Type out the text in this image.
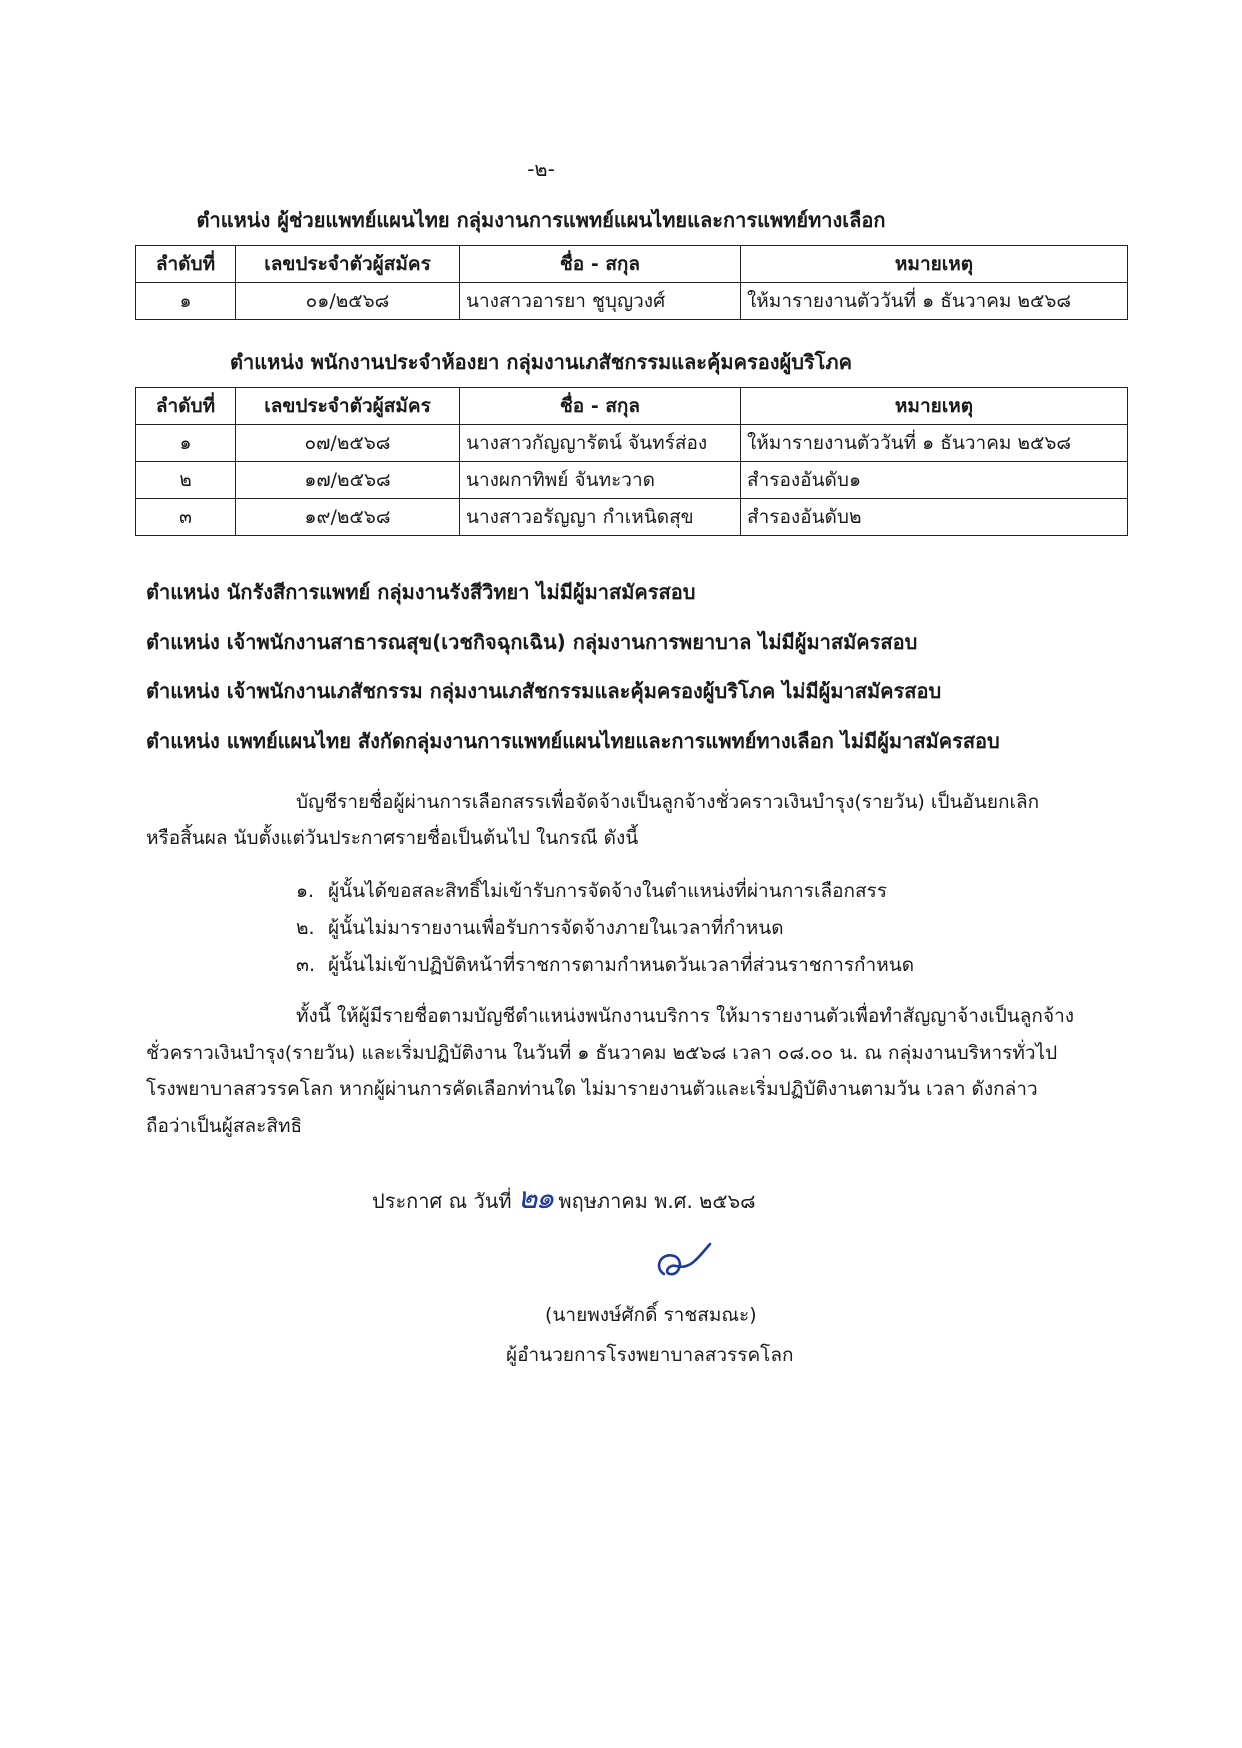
-๒-
ตำแหน่ง ผู้ช่วยแพทย์แผนไทย กลุ่มงานการแพทย์แผนไทยและการแพทย์ทางเลือก
ลำดับที่	เลขประจำตัวผู้สมัคร	ชื่อ - สกุล	หมายเหตุ
๑	๐๑/๒๕๖๘	นางสาวอารยา ชูบุญวงศ์	ให้มารายงานตัววันที่ ๑ ธันวาคม ๒๕๖๘
ตำแหน่ง พนักงานประจำห้องยา กลุ่มงานเภสัชกรรมและคุ้มครองผู้บริโภค
ลำดับที่	เลขประจำตัวผู้สมัคร	ชื่อ - สกุล	หมายเหตุ
๑	๐๗/๒๕๖๘	นางสาวกัญญารัตน์ จันทร์ส่อง	ให้มารายงานตัววันที่ ๑ ธันวาคม ๒๕๖๘
๒	๑๗/๒๕๖๘	นางผกาทิพย์ จันทะวาด	สำรองอันดับ๑
๓	๑๙/๒๕๖๘	นางสาวอรัญญา กำเหนิดสุข	สำรองอันดับ๒
ตำแหน่ง นักรังสีการแพทย์ กลุ่มงานรังสีวิทยา ไม่มีผู้มาสมัครสอบ
ตำแหน่ง เจ้าพนักงานสาธารณสุข(เวชกิจฉุกเฉิน) กลุ่มงานการพยาบาล ไม่มีผู้มาสมัครสอบ
ตำแหน่ง เจ้าพนักงานเภสัชกรรม กลุ่มงานเภสัชกรรมและคุ้มครองผู้บริโภค ไม่มีผู้มาสมัครสอบ
ตำแหน่ง แพทย์แผนไทย สังกัดกลุ่มงานการแพทย์แผนไทยและการแพทย์ทางเลือก ไม่มีผู้มาสมัครสอบ
บัญชีรายชื่อผู้ผ่านการเลือกสรรเพื่อจัดจ้างเป็นลูกจ้างชั่วคราวเงินบำรุง(รายวัน) เป็นอันยกเลิก
หรือสิ้นผล นับตั้งแต่วันประกาศรายชื่อเป็นต้นไป ในกรณี ดังนี้
๑. ผู้นั้นได้ขอสละสิทธิ์ไม่เข้ารับการจัดจ้างในตำแหน่งที่ผ่านการเลือกสรร
๒. ผู้นั้นไม่มารายงานเพื่อรับการจัดจ้างภายในเวลาที่กำหนด
๓. ผู้นั้นไม่เข้าปฏิบัติหน้าที่ราชการตามกำหนดวันเวลาที่ส่วนราชการกำหนด
ทั้งนี้ ให้ผู้มีรายชื่อตามบัญชีตำแหน่งพนักงานบริการ ให้มารายงานตัวเพื่อทำสัญญาจ้างเป็นลูกจ้าง
ชั่วคราวเงินบำรุง(รายวัน) และเริ่มปฏิบัติงาน ในวันที่ ๑ ธันวาคม ๒๕๖๘ เวลา ๐๘.๐๐ น. ณ กลุ่มงานบริหารทั่วไป
โรงพยาบาลสวรรคโลก หากผู้ผ่านการคัดเลือกท่านใด ไม่มารายงานตัวและเริ่มปฏิบัติงานตามวัน เวลา ดังกล่าว
ถือว่าเป็นผู้สละสิทธิ
ประกาศ ณ วันที่ ๒๑ พฤษภาคม พ.ศ. ๒๕๖๘
(นายพงษ์ศักดิ์ ราชสมณะ)
ผู้อำนวยการโรงพยาบาลสวรรคโลก
